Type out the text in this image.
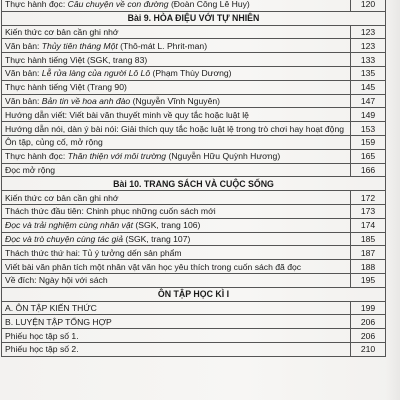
Thực hành đọc: Câu chuyện về con đường (Đoàn Công Lê Huy)	120
Bài 9. HÒA ĐIỆU VỚI TỰ NHIÊN	
Kiến thức cơ bản cần ghi nhớ	123
Văn bản: Thủy tiên tháng Một (Thô-mát L. Phrit-man)	123
Thực hành tiếng Việt (SGK, trang 83)	133
Văn bản: Lễ rửa làng của người Lô Lô (Phạm Thùy Dương)	135
Thực hành tiếng Việt (Trang 90)	145
Văn bản: Bản tin về hoa anh đào (Nguyễn Vĩnh Nguyên)	147
Hướng dẫn viết: Viết bài văn thuyết minh về quy tắc hoặc luật lệ	149
Hướng dẫn nói, dàn ý bài nói: Giải thích quy tắc hoặc luật lệ trong trò chơi hay hoạt động	153
Ôn tập, củng cố, mở rộng	159
Thực hành đọc: Thân thiện với môi trường (Nguyễn Hữu Quỳnh Hương)	165
Đọc mở rộng	166
Bài 10. TRANG SÁCH VÀ CUỘC SỐNG	
Kiến thức cơ bản cần ghi nhớ	172
Thách thức đầu tiên: Chinh phục những cuốn sách mới	173
Đọc và trải nghiệm cùng nhân vật (SGK, trang 106)	174
Đọc và trò chuyện cùng tác giả (SGK, trang 107)	185
Thách thức thứ hai: Tủ ý tưởng dến sản phẩm	187
Viết bài văn phân tích một nhân vật văn học yêu thích trong cuốn sách đã đọc	188
Về đích: Ngày hội với sách	195
ÔN TẬP HỌC KÌ I	
A. ÔN TẬP KIẾN THỨC	199
B. LUYỆN TẬP TỔNG HỢP	206
Phiếu học tập số 1.	206
Phiếu học tập số 2.	210
